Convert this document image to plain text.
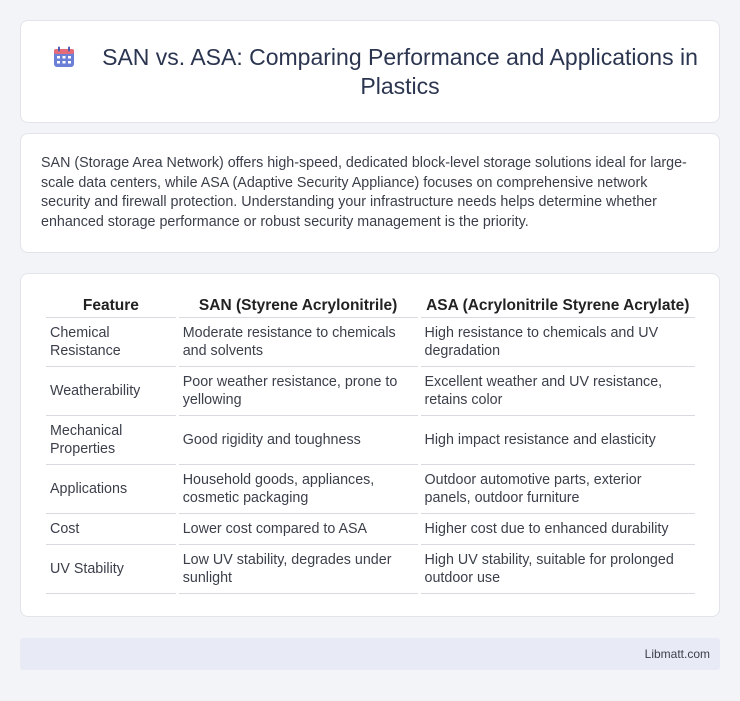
SAN vs. ASA: Comparing Performance and Applications in Plastics

SAN (Storage Area Network) offers high-speed, dedicated block-level storage solutions ideal for large-scale data centers, while ASA (Adaptive Security Appliance) focuses on comprehensive network security and firewall protection. Understanding your infrastructure needs helps determine whether enhanced storage performance or robust security management is the priority.

Feature	SAN (Styrene Acrylonitrile)	ASA (Acrylonitrile Styrene Acrylate)
Chemical Resistance	Moderate resistance to chemicals and solvents	High resistance to chemicals and UV degradation
Weatherability	Poor weather resistance, prone to yellowing	Excellent weather and UV resistance, retains color
Mechanical Properties	Good rigidity and toughness	High impact resistance and elasticity
Applications	Household goods, appliances, cosmetic packaging	Outdoor automotive parts, exterior panels, outdoor furniture
Cost	Lower cost compared to ASA	Higher cost due to enhanced durability
UV Stability	Low UV stability, degrades under sunlight	High UV stability, suitable for prolonged outdoor use
Libmatt.com
